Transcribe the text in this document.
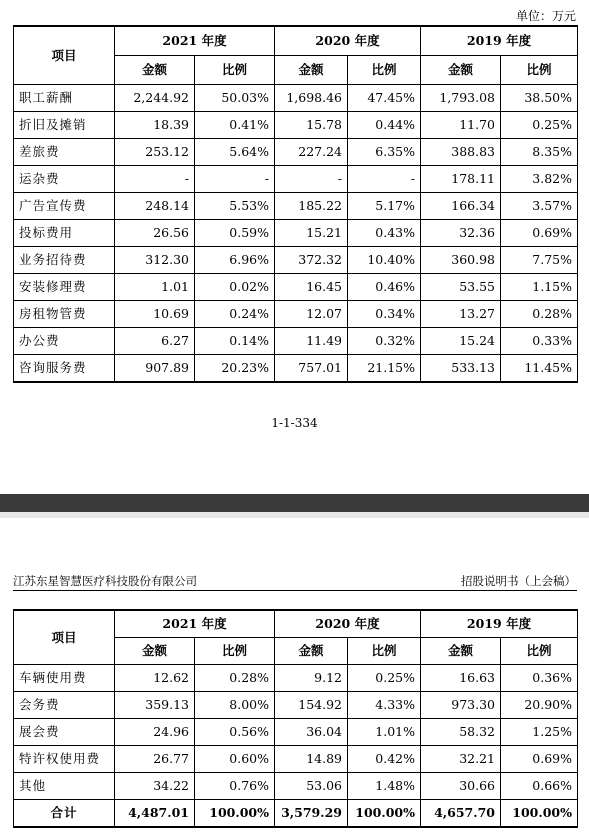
单位：万元
项目	2021 年度		2020 年度		2019 年度	
	金额	比例	金额	比例	金额	比例
职工薪酬	2,244.92	50.03%	1,698.46	47.45%	1,793.08	38.50%
折旧及摊销	18.39	0.41%	15.78	0.44%	11.70	0.25%
差旅费	253.12	5.64%	227.24	6.35%	388.83	8.35%
运杂费	-	-	-	-	178.11	3.82%
广告宣传费	248.14	5.53%	185.22	5.17%	166.34	3.57%
投标费用	26.56	0.59%	15.21	0.43%	32.36	0.69%
业务招待费	312.30	6.96%	372.32	10.40%	360.98	7.75%
安装修理费	1.01	0.02%	16.45	0.46%	53.55	1.15%
房租物管费	10.69	0.24%	12.07	0.34%	13.27	0.28%
办公费	6.27	0.14%	11.49	0.32%	15.24	0.33%
咨询服务费	907.89	20.23%	757.01	21.15%	533.13	11.45%
1-1-334
江苏东星智慧医疗科技股份有限公司	招股说明书（上会稿）
项目	2021 年度		2020 年度		2019 年度	
	金额	比例	金额	比例	金额	比例
车辆使用费	12.62	0.28%	9.12	0.25%	16.63	0.36%
会务费	359.13	8.00%	154.92	4.33%	973.30	20.90%
展会费	24.96	0.56%	36.04	1.01%	58.32	1.25%
特许权使用费	26.77	0.60%	14.89	0.42%	32.21	0.69%
其他	34.22	0.76%	53.06	1.48%	30.66	0.66%
合计	4,487.01	100.00%	3,579.29	100.00%	4,657.70	100.00%
